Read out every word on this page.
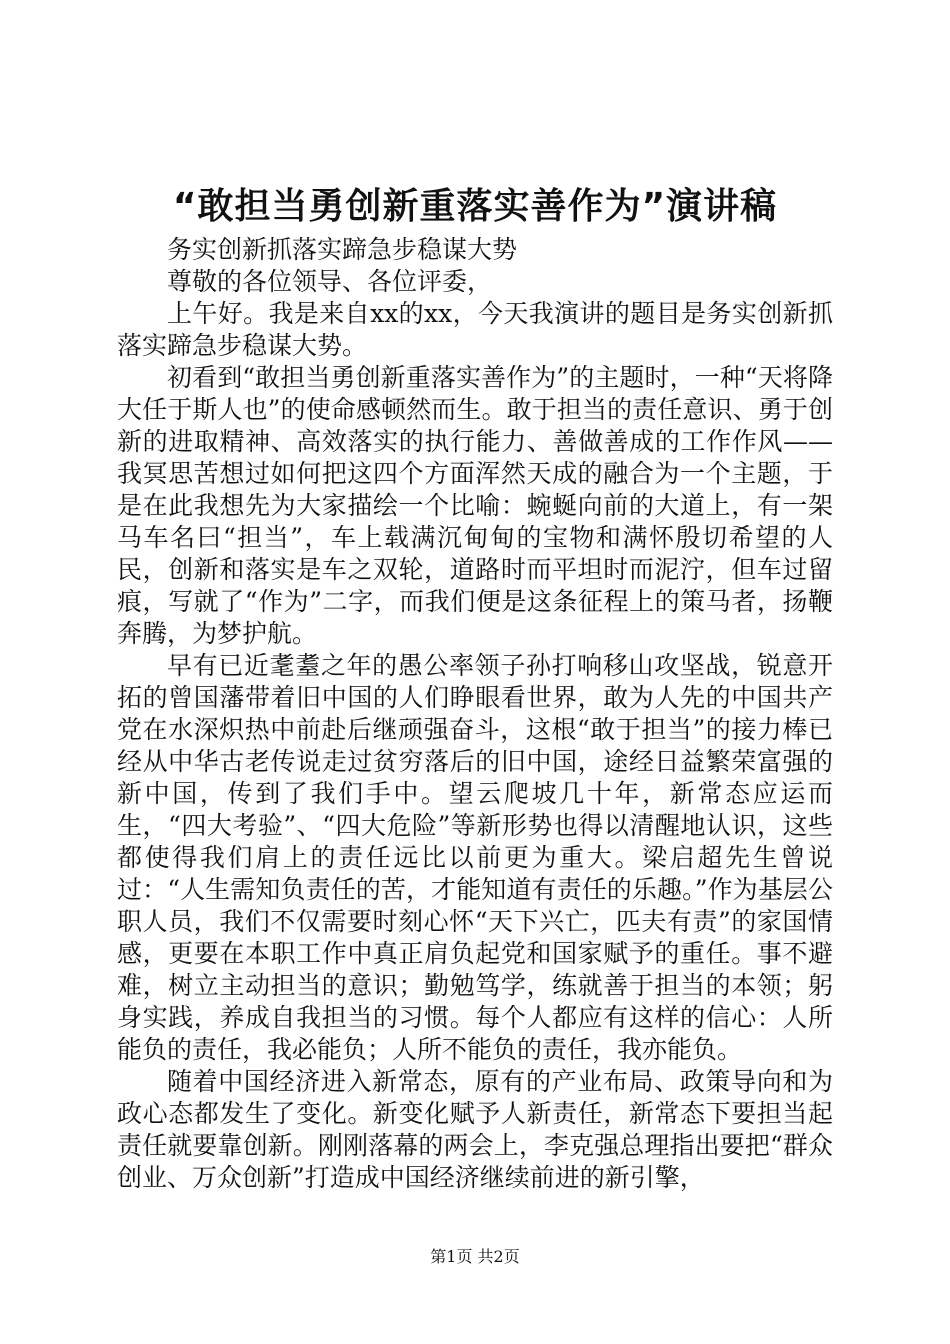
“敢担当勇创新重落实善作为”演讲稿

务实创新抓落实蹄急步稳谋大势

尊敬的各位领导、各位评委，

上午好。我是来自xx的xx，今天我演讲的题目是务实创新抓落实蹄急步稳谋大势。

初看到“敢担当勇创新重落实善作为”的主题时，一种“天将降大任于斯人也”的使命感顿然而生。敢于担当的责任意识、勇于创新的进取精神、高效落实的执行能力、善做善成的工作作风——我冥思苦想过如何把这四个方面浑然天成的融合为一个主题，于是在此我想先为大家描绘一个比喻：蜿蜒向前的大道上，有一架马车名曰“担当”，车上载满沉甸甸的宝物和满怀殷切希望的人民，创新和落实是车之双轮，道路时而平坦时而泥泞，但车过留痕，写就了“作为”二字，而我们便是这条征程上的策马者，扬鞭奔腾，为梦护航。

早有已近耄耋之年的愚公率领子孙打响移山攻坚战，锐意开拓的曾国藩带着旧中国的人们睁眼看世界，敢为人先的中国共产党在水深炽热中前赴后继顽强奋斗，这根“敢于担当”的接力棒已经从中华古老传说走过贫穷落后的旧中国，途经日益繁荣富强的新中国，传到了我们手中。望云爬坡几十年，新常态应运而生，“四大考验”、“四大危险”等新形势也得以清醒地认识，这些都使得我们肩上的责任远比以前更为重大。梁启超先生曾说过：“人生需知负责任的苦，才能知道有责任的乐趣。”作为基层公职人员，我们不仅需要时刻心怀“天下兴亡，匹夫有责”的家国情感，更要在本职工作中真正肩负起党和国家赋予的重任。事不避难，树立主动担当的意识；勤勉笃学，练就善于担当的本领；躬身实践，养成自我担当的习惯。每个人都应有这样的信心：人所能负的责任，我必能负；人所不能负的责任，我亦能负。

随着中国经济进入新常态，原有的产业布局、政策导向和为政心态都发生了变化。新变化赋予人新责任，新常态下要担当起责任就要靠创新。刚刚落幕的两会上，李克强总理指出要把“群众创业、万众创新”打造成中国经济继续前进的新引擎，

第1页 共2页
